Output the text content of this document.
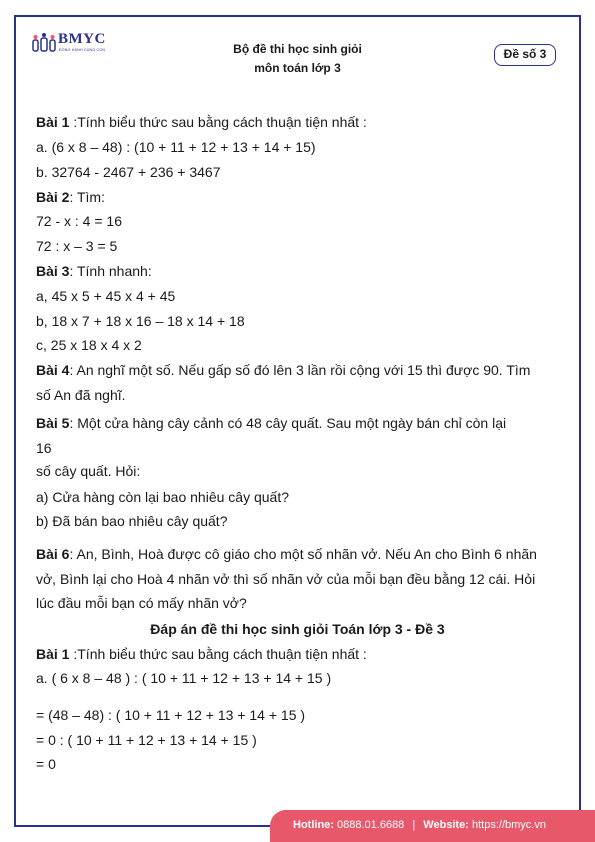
BMYC
ĐỒNG HÀNH CÙNG CON	Bộ đề thi học sinh giỏi
môn toán lớp 3
Đề số 3
Bài 1 :Tính biểu thức sau bằng cách thuận tiện nhất :
a. (6 x 8 – 48) : (10 + 11 + 12 + 13 + 14 + 15)
b. 32764 - 2467 + 236 + 3467
Bài 2: Tìm:
72 - x : 4 = 16
72 : x – 3 = 5
Bài 3: Tính nhanh:
a, 45 x 5 + 45 x 4 + 45
b, 18 x 7 + 18 x 16 – 18 x 14 + 18
c, 25 x 18 x 4 x 2
Bài 4: An nghĩ một số. Nếu gấp số đó lên 3 lần rồi cộng với 15 thì được 90. Tìm
số An đã nghĩ.
Bài 5: Một cửa hàng cây cảnh có 48 cây quất. Sau một ngày bán chỉ còn lại
16
số cây quất. Hỏi:
a) Cửa hàng còn lại bao nhiêu cây quất?
b) Đã bán bao nhiêu cây quất?
Bài 6: An, Bình, Hoà được cô giáo cho một số nhãn vở. Nếu An cho Bình 6 nhãn
vở, Bình lại cho Hoà 4 nhãn vở thì số nhãn vở của mỗi bạn đều bằng 12 cái. Hỏi
lúc đầu mỗi bạn có mấy nhãn vở?
Đáp án đề thi học sinh giỏi Toán lớp 3 - Đề 3
Bài 1 :Tính biểu thức sau bằng cách thuận tiện nhất :
a. ( 6 x 8 – 48 ) : ( 10 + 11 + 12 + 13 + 14 + 15 )
= (48 – 48) : ( 10 + 11 + 12 + 13 + 14 + 15 )
= 0 : ( 10 + 11 + 12 + 13 + 14 + 15 )
= 0
Hotline: 0888.01.6688 | Website: https://bmyc.vn
